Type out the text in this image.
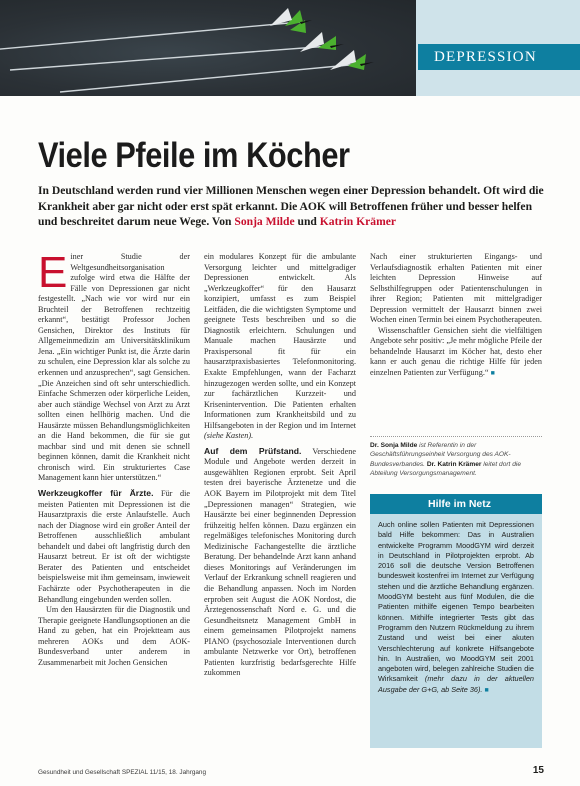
DEPRESSION
Viele Pfeile im Köcher

In Deutschland werden rund vier Millionen Menschen wegen einer Depression behandelt. Oft wird die Krankheit aber gar nicht oder erst spät erkannt. Die AOK will Betroffenen früher und besser helfen und beschreitet darum neue Wege. Von Sonja Milde und Katrin Krämer

Einer Studie der Weltgesundheitsorganisation zufolge wird etwa die Hälfte der Fälle von Depressionen gar nicht festgestellt. „Nach wie vor wird nur ein Bruchteil der Betroffenen rechtzeitig erkannt“, bestätigt Professor Jochen Gensichen, Direktor des Instituts für Allgemeinmedizin am Universitätsklinikum Jena. „Ein wichtiger Punkt ist, die Ärzte darin zu schulen, eine Depression klar als solche zu erkennen und anzusprechen“, sagt Gensichen. „Die Anzeichen sind oft sehr unterschiedlich. Einfache Schmerzen oder körperliche Leiden, aber auch ständige Wechsel von Arzt zu Arzt sollten einen hellhörig machen. Und die Hausärzte müssen Behandlungsmöglichkeiten an die Hand bekommen, die für sie gut machbar sind und mit denen sie schnell beginnen können, damit die Krankheit nicht chronisch wird. Ein strukturiertes Case Management kann hier unterstützen.“

Werkzeugkoffer für Ärzte. Für die meisten Patienten mit Depressionen ist die Hausarztpraxis die erste Anlaufstelle. Auch nach der Diagnose wird ein großer Anteil der Betroffenen ausschließlich ambulant behandelt und dabei oft langfristig durch den Hausarzt betreut. Er ist oft der wichtigste Berater des Patienten und entscheidet beispielsweise mit ihm gemeinsam, inwieweit Fachärzte oder Psychotherapeuten in die Behandlung eingebunden werden sollen.

Um den Hausärzten für die Diagnostik und Therapie geeignete Handlungsoptionen an die Hand zu geben, hat ein Projektteam aus mehreren AOKs und dem AOK-Bundesverband unter anderem in Zusammenarbeit mit Jochen Gensichen

ein modulares Konzept für die ambulante Versorgung leichter und mittelgradiger Depressionen entwickelt. Als „Werkzeugkoffer“ für den Hausarzt konzipiert, umfasst es zum Beispiel Leitfäden, die die wichtigsten Symptome und geeignete Tests beschreiben und so die Diagnostik erleichtern. Schulungen und Manuale machen Hausärzte und Praxispersonal fit für ein hausarztpraxisbasiertes Telefonmonitoring. Exakte Empfehlungen, wann der Facharzt hinzugezogen werden sollte, und ein Konzept zur fachärztlichen Kurzzeit- und Krisenintervention. Die Patienten erhalten Informationen zum Krankheitsbild und zu Hilfsangeboten in der Region und im Internet (siehe Kasten).

Auf dem Prüfstand. Verschiedene Module und Angebote werden derzeit in ausgewählten Regionen erprobt. Seit April testen drei bayerische Ärztenetze und die AOK Bayern im Pilotprojekt mit dem Titel „Depressionen managen“ Strategien, wie Hausärzte bei einer beginnenden Depression frühzeitig helfen können. Dazu ergänzen ein regelmäßiges telefonisches Monitoring durch Medizinische Fachangestellte die ärztliche Beratung. Der behandelnde Arzt kann anhand dieses Monitorings auf Veränderungen im Verlauf der Erkrankung schnell reagieren und die Behandlung anpassen. Noch im Norden erproben seit August die AOK Nordost, die Ärztegenossenschaft Nord e. G. und die Gesundheitsnetz Management GmbH in einem gemeinsamen Pilotprojekt namens PIANO (psychosoziale Interventionen durch ambulante Netzwerke vor Ort), betroffenen Patienten kurzfristig bedarfsgerechte Hilfe zukommen

Nach einer strukturierten Eingangs- und Verlaufsdiagnostik erhalten Patienten mit einer leichten Depression Hinweise auf Selbsthilfegruppen oder Patientenschulungen in ihrer Region; Patienten mit mittelgradiger Depression vermittelt der Hausarzt binnen zwei Wochen einen Termin bei einem Psychotherapeuten.

Wissenschaftler Gensichen sieht die vielfältigen Angebote sehr positiv: „Je mehr mögliche Pfeile der behandelnde Hausarzt im Köcher hat, desto eher kann er auch genau die richtige Hilfe für jeden einzelnen Patienten zur Verfügung.“ ■

Dr. Sonja Milde ist Referentin in der Geschäftsführungseinheit Versorgung des AOK-Bundesverbandes. Dr. Katrin Krämer leitet dort die Abteilung Versorgungsmanagement.
Hilfe im Netz

Auch online sollen Patienten mit Depressionen bald Hilfe bekommen: Das in Australien entwickelte Programm MoodGYM wird derzeit in Deutschland in Pilotprojekten erprobt. Ab 2016 soll die deutsche Version Betroffenen bundesweit kostenfrei im Internet zur Verfügung stehen und die ärztliche Behandlung ergänzen. MoodGYM besteht aus fünf Modulen, die die Patienten mithilfe eigenen Tempo bearbeiten können. Mithilfe integrierter Tests gibt das Programm den Nutzern Rückmeldung zu ihrem Zustand und weist bei einer akuten Verschlechterung auf konkrete Hilfsangebote hin. In Australien, wo MoodGYM seit 2001 angeboten wird, belegen zahlreiche Studien die Wirksamkeit (mehr dazu in der aktuellen Ausgabe der G+G, ab Seite 36). ■

Gesundheit und Gesellschaft SPEZIAL 11/15, 18. Jahrgang	15
